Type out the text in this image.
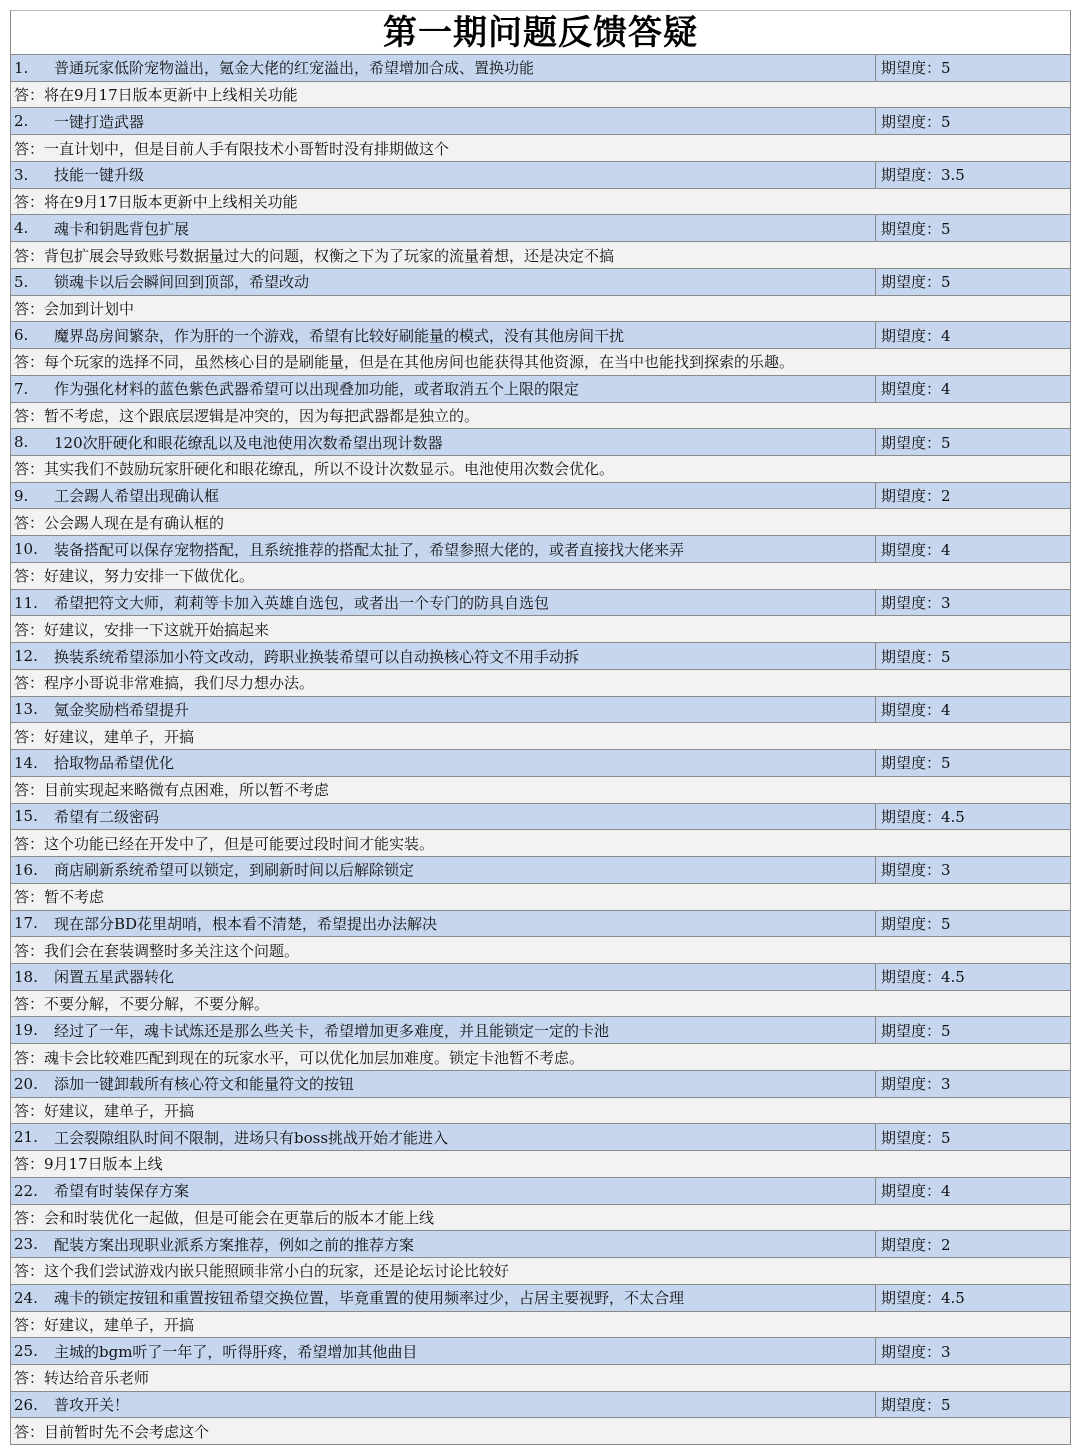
第一期问题反馈答疑
1.	普通玩家低阶宠物溢出，氪金大佬的红宠溢出，希望增加合成、置换功能	期望度：5
答：将在9月17日版本更新中上线相关功能
2.	一键打造武器	期望度：5
答：一直计划中，但是目前人手有限技术小哥暂时没有排期做这个
3.	技能一键升级	期望度：3.5
答：将在9月17日版本更新中上线相关功能
4.	魂卡和钥匙背包扩展	期望度：5
答：背包扩展会导致账号数据量过大的问题，权衡之下为了玩家的流量着想，还是决定不搞
5.	锁魂卡以后会瞬间回到顶部，希望改动	期望度：5
答：会加到计划中
6.	魔界岛房间繁杂，作为肝的一个游戏，希望有比较好刷能量的模式，没有其他房间干扰	期望度：4
答：每个玩家的选择不同，虽然核心目的是刷能量，但是在其他房间也能获得其他资源，在当中也能找到探索的乐趣。
7.	作为强化材料的蓝色紫色武器希望可以出现叠加功能，或者取消五个上限的限定	期望度：4
答：暂不考虑，这个跟底层逻辑是冲突的，因为每把武器都是独立的。
8.	120次肝硬化和眼花缭乱以及电池使用次数希望出现计数器	期望度：5
答：其实我们不鼓励玩家肝硬化和眼花缭乱，所以不设计次数显示。电池使用次数会优化。
9.	工会踢人希望出现确认框	期望度：2
答：公会踢人现在是有确认框的
10.	装备搭配可以保存宠物搭配，且系统推荐的搭配太扯了，希望参照大佬的，或者直接找大佬来弄	期望度：4
答：好建议，努力安排一下做优化。
11.	希望把符文大师，莉莉等卡加入英雄自选包，或者出一个专门的防具自选包	期望度：3
答：好建议，安排一下这就开始搞起来
12.	换装系统希望添加小符文改动，跨职业换装希望可以自动换核心符文不用手动拆	期望度：5
答：程序小哥说非常难搞，我们尽力想办法。
13.	氪金奖励档希望提升	期望度：4
答：好建议，建单子，开搞
14.	拾取物品希望优化	期望度：5
答：目前实现起来略微有点困难，所以暂不考虑
15.	希望有二级密码	期望度：4.5
答：这个功能已经在开发中了，但是可能要过段时间才能实装。
16.	商店刷新系统希望可以锁定，到刷新时间以后解除锁定	期望度：3
答：暂不考虑
17.	现在部分BD花里胡哨，根本看不清楚，希望提出办法解决	期望度：5
答：我们会在套装调整时多关注这个问题。
18.	闲置五星武器转化	期望度：4.5
答：不要分解，不要分解，不要分解。
19.	经过了一年，魂卡试炼还是那么些关卡，希望增加更多难度，并且能锁定一定的卡池	期望度：5
答：魂卡会比较难匹配到现在的玩家水平，可以优化加层加难度。锁定卡池暂不考虑。
20.	添加一键卸载所有核心符文和能量符文的按钮	期望度：3
答：好建议，建单子，开搞
21.	工会裂隙组队时间不限制，进场只有boss挑战开始才能进入	期望度：5
答：9月17日版本上线
22.	希望有时装保存方案	期望度：4
答：会和时装优化一起做，但是可能会在更靠后的版本才能上线
23.	配装方案出现职业派系方案推荐，例如之前的推荐方案	期望度：2
答：这个我们尝试游戏内嵌只能照顾非常小白的玩家，还是论坛讨论比较好
24.	魂卡的锁定按钮和重置按钮希望交换位置，毕竟重置的使用频率过少，占居主要视野，不太合理	期望度：4.5
答：好建议，建单子，开搞
25.	主城的bgm听了一年了，听得肝疼，希望增加其他曲目	期望度：3
答：转达给音乐老师
26.	普攻开关！	期望度：5
答：目前暂时先不会考虑这个
